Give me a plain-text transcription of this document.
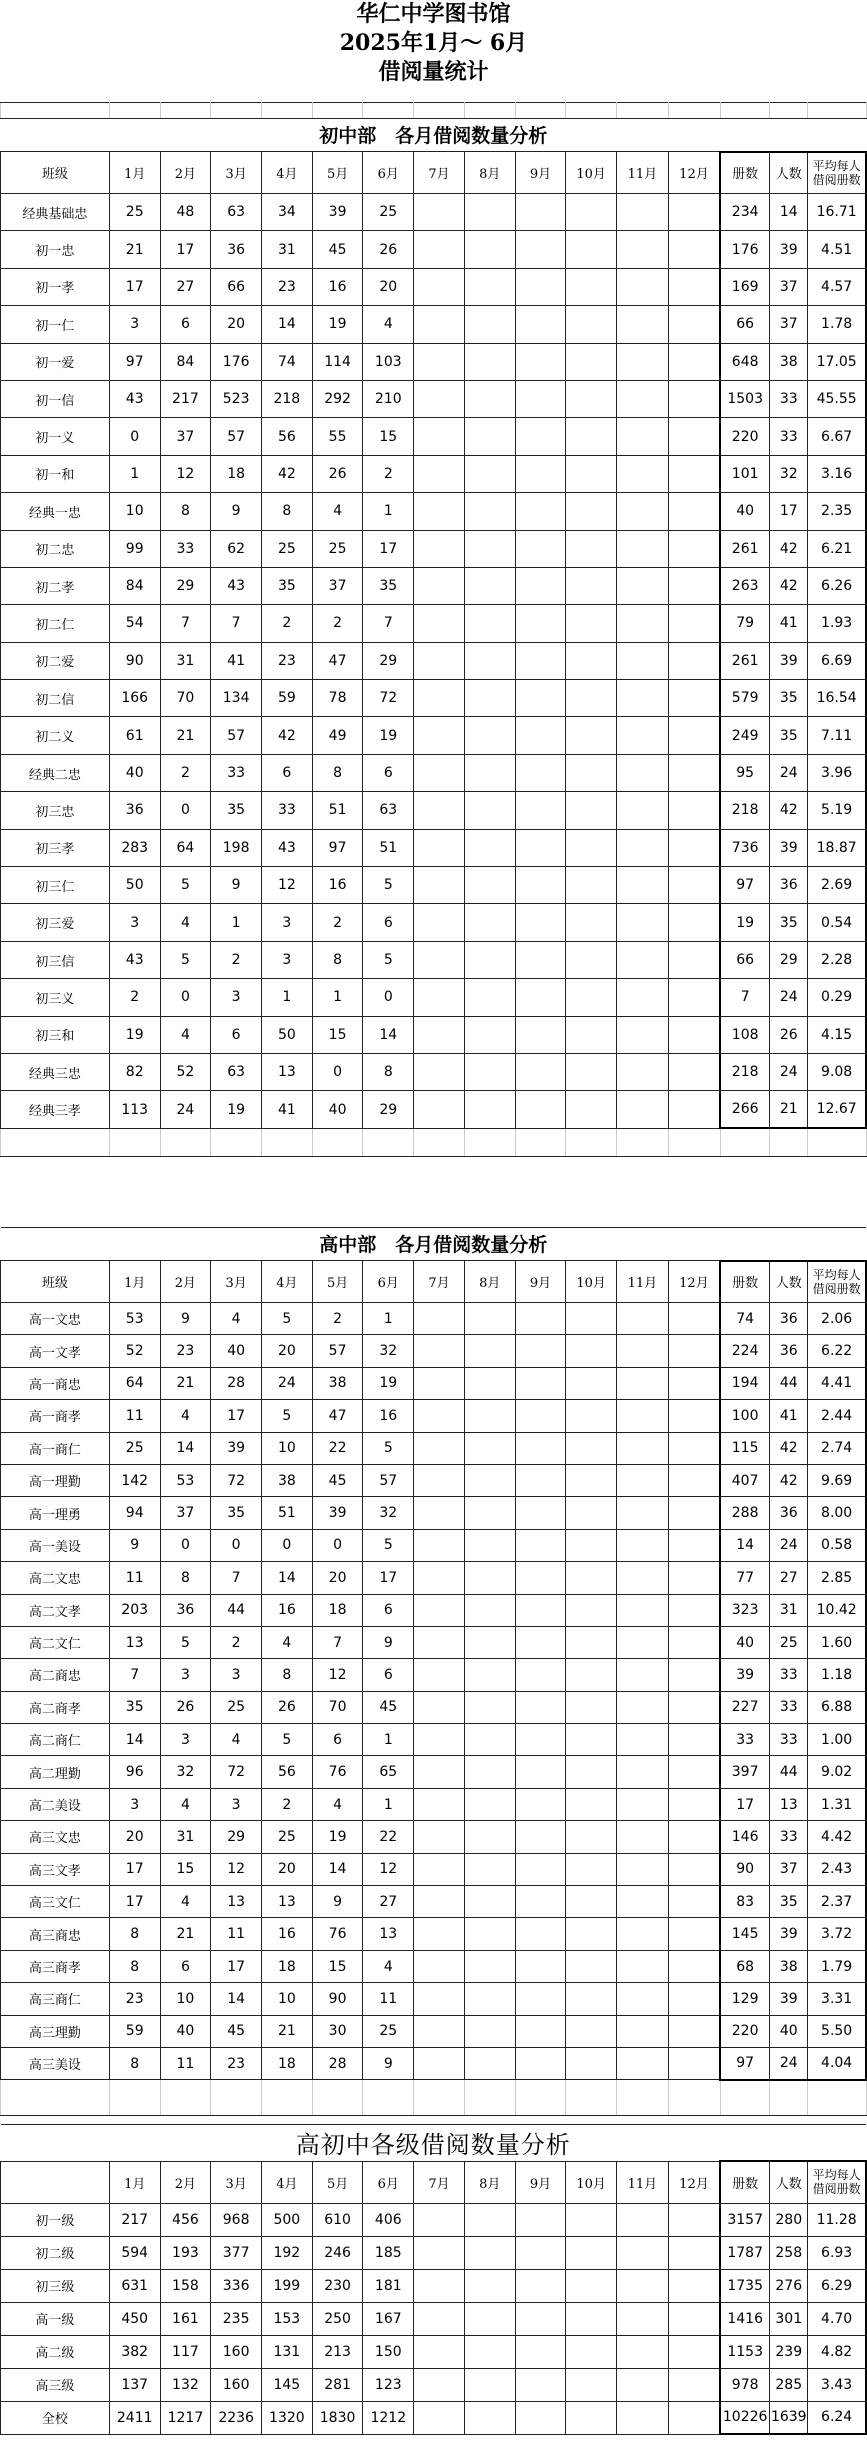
华仁中学图书馆
2025年1月～ 6月
借阅量统计

初中部　各月借阅数量分析															
班级	1月	2月	3月	4月	5月	6月	7月	8月	9月	10月	11月	12月	册数	人数	平均每人借阅册数
经典基础忠	25	48	63	34	39	25							234	14	16.71
初一忠	21	17	36	31	45	26							176	39	4.51
初一孝	17	27	66	23	16	20							169	37	4.57
初一仁	3	6	20	14	19	4							66	37	1.78
初一爱	97	84	176	74	114	103							648	38	17.05
初一信	43	217	523	218	292	210							1503	33	45.55
初一义	0	37	57	56	55	15							220	33	6.67
初一和	1	12	18	42	26	2							101	32	3.16
经典一忠	10	8	9	8	4	1							40	17	2.35
初二忠	99	33	62	25	25	17							261	42	6.21
初二孝	84	29	43	35	37	35							263	42	6.26
初二仁	54	7	7	2	2	7							79	41	1.93
初二爱	90	31	41	23	47	29							261	39	6.69
初二信	166	70	134	59	78	72							579	35	16.54
初二义	61	21	57	42	49	19							249	35	7.11
经典二忠	40	2	33	6	8	6							95	24	3.96
初三忠	36	0	35	33	51	63							218	42	5.19
初三孝	283	64	198	43	97	51							736	39	18.87
初三仁	50	5	9	12	16	5							97	36	2.69
初三爱	3	4	1	3	2	6							19	35	0.54
初三信	43	5	2	3	8	5							66	29	2.28
初三义	2	0	3	1	1	0							7	24	0.29
初三和	19	4	6	50	15	14							108	26	4.15
经典三忠	82	52	63	13	0	8							218	24	9.08
经典三孝	113	24	19	41	40	29							266	21	12.67

高中部　各月借阅数量分析															
班级	1月	2月	3月	4月	5月	6月	7月	8月	9月	10月	11月	12月	册数	人数	平均每人借阅册数
高一文忠	53	9	4	5	2	1							74	36	2.06
高一文孝	52	23	40	20	57	32							224	36	6.22
高一商忠	64	21	28	24	38	19							194	44	4.41
高一商孝	11	4	17	5	47	16							100	41	2.44
高一商仁	25	14	39	10	22	5							115	42	2.74
高一理勤	142	53	72	38	45	57							407	42	9.69
高一理勇	94	37	35	51	39	32							288	36	8.00
高一美设	9	0	0	0	0	5							14	24	0.58
高二文忠	11	8	7	14	20	17							77	27	2.85
高二文孝	203	36	44	16	18	6							323	31	10.42
高二文仁	13	5	2	4	7	9							40	25	1.60
高二商忠	7	3	3	8	12	6							39	33	1.18
高二商孝	35	26	25	26	70	45							227	33	6.88
高二商仁	14	3	4	5	6	1							33	33	1.00
高二理勤	96	32	72	56	76	65							397	44	9.02
高二美设	3	4	3	2	4	1							17	13	1.31
高三文忠	20	31	29	25	19	22							146	33	4.42
高三文孝	17	15	12	20	14	12							90	37	2.43
高三文仁	17	4	13	13	9	27							83	35	2.37
高三商忠	8	21	11	16	76	13							145	39	3.72
高三商孝	8	6	17	18	15	4							68	38	1.79
高三商仁	23	10	14	10	90	11							129	39	3.31
高三理勤	59	40	45	21	30	25							220	40	5.50
高三美设	8	11	23	18	28	9							97	24	4.04

高初中各级借阅数量分析															
	1月	2月	3月	4月	5月	6月	7月	8月	9月	10月	11月	12月	册数	人数	平均每人借阅册数
初一级	217	456	968	500	610	406							3157	280	11.28
初二级	594	193	377	192	246	185							1787	258	6.93
初三级	631	158	336	199	230	181							1735	276	6.29
高一级	450	161	235	153	250	167							1416	301	4.70
高二级	382	117	160	131	213	150							1153	239	4.82
高三级	137	132	160	145	281	123							978	285	3.43
全校	2411	1217	2236	1320	1830	1212							10226	1639	6.24
